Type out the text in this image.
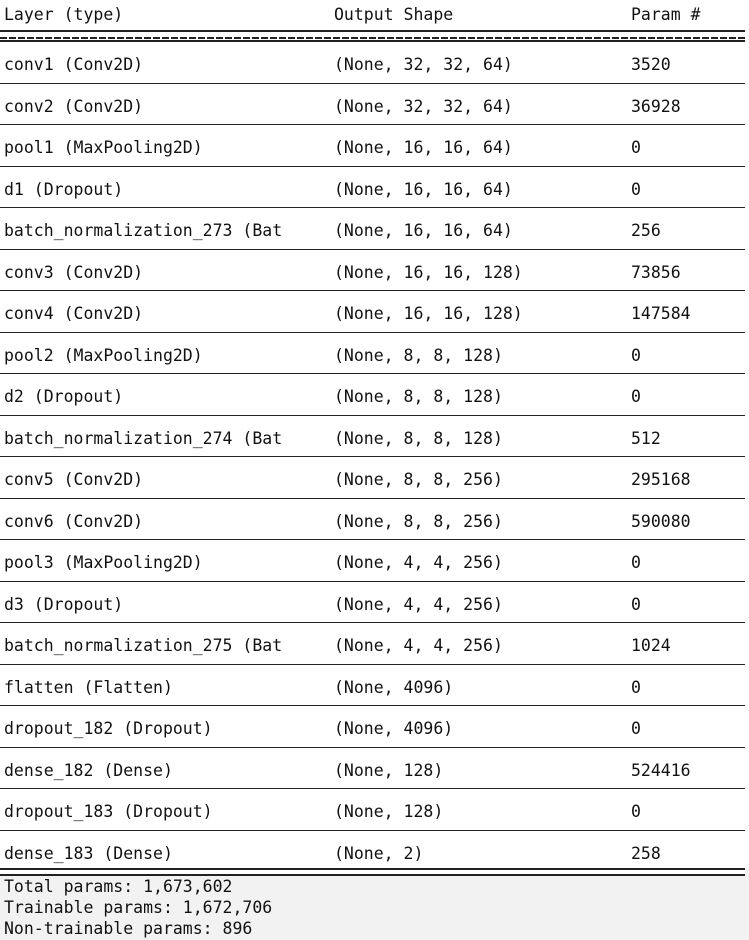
Layer (type)	Output Shape	Param #
conv1 (Conv2D)	(None, 32, 32, 64)	3520
conv2 (Conv2D)	(None, 32, 32, 64)	36928
pool1 (MaxPooling2D)	(None, 16, 16, 64)	0
d1 (Dropout)	(None, 16, 16, 64)	0
batch_normalization_273 (Bat	(None, 16, 16, 64)	256
conv3 (Conv2D)	(None, 16, 16, 128)	73856
conv4 (Conv2D)	(None, 16, 16, 128)	147584
pool2 (MaxPooling2D)	(None, 8, 8, 128)	0
d2 (Dropout)	(None, 8, 8, 128)	0
batch_normalization_274 (Bat	(None, 8, 8, 128)	512
conv5 (Conv2D)	(None, 8, 8, 256)	295168
conv6 (Conv2D)	(None, 8, 8, 256)	590080
pool3 (MaxPooling2D)	(None, 4, 4, 256)	0
d3 (Dropout)	(None, 4, 4, 256)	0
batch_normalization_275 (Bat	(None, 4, 4, 256)	1024
flatten (Flatten)	(None, 4096)	0
dropout_182 (Dropout)	(None, 4096)	0
dense_182 (Dense)	(None, 128)	524416
dropout_183 (Dropout)	(None, 128)	0
dense_183 (Dense)	(None, 2)	258
Total params: 1,673,602
Trainable params: 1,672,706
Non-trainable params: 896
